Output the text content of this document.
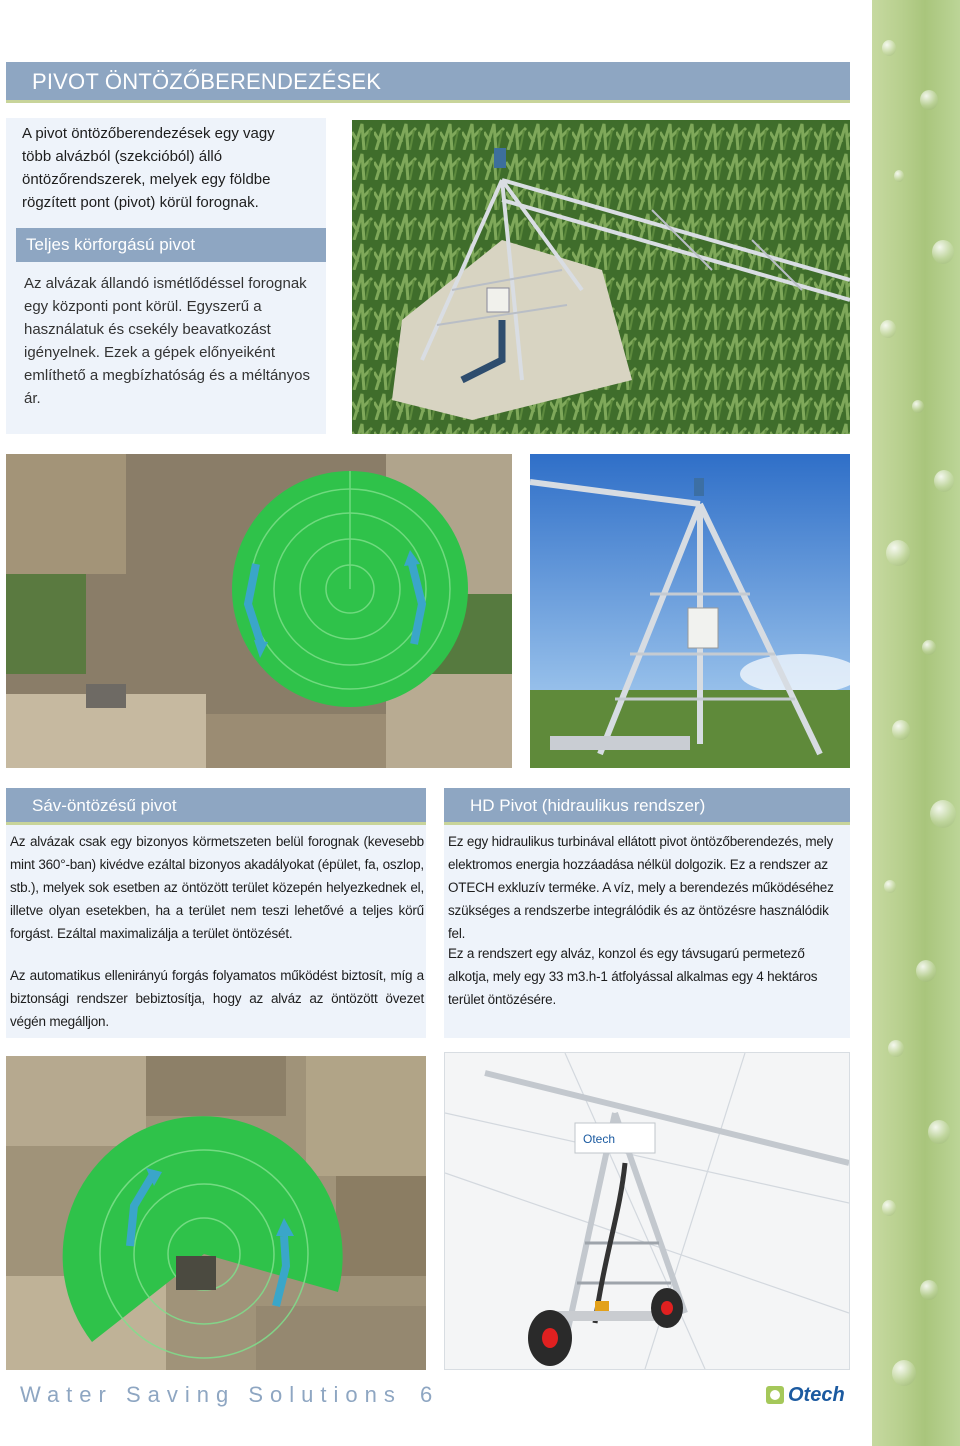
PIVOT ÖNTÖZŐBERENDEZÉSEK
A pivot öntözőberendezések egy vagy több alvázból (szekcióból) álló öntözőrendszerek, melyek egy földbe rögzített pont (pivot) körül forognak.
Teljes körforgású pivot
Az alvázak állandó ismétlődéssel forognak egy központi pont körül. Egyszerű a használatuk és csekély beavatkozást igényelnek. Ezek a gépek előnyeiként említhető a megbízhatóság és a méltányos ár.
Sáv-öntözésű pivot
Az alvázak csak egy bizonyos körmetszeten belül forognak (kevesebb mint 360°-ban) kivédve ezáltal bizonyos akadályokat (épület, fa, oszlop, stb.), melyek sok esetben az öntözött terület közepén helyezkednek el, illetve olyan esetekben, ha a terület nem teszi lehetővé a teljes körű forgást. Ezáltal maximalizálja a terület öntözését.
Az automatikus ellenirányú forgás folyamatos működést biztosít, míg a biztonsági rendszer bebiztosítja, hogy az alváz az öntözött övezet végén megálljon.
HD Pivot (hidraulikus rendszer)
Ez egy hidraulikus turbinával ellátott pivot öntözőberendezés, mely elektromos energia hozzáadása nélkül dolgozik. Ez a rendszer az OTECH exkluzív terméke. A víz, mely a berendezés működéséhez szükséges a rendszerbe integrálódik és az öntözésre használódik fel.
Ez a rendszert egy alváz, konzol és egy távsugarú permetező alkotja, mely egy 33 m3.h-1 átfolyással alkalmas egy 4 hektáros terület öntözésére.
Otech
Water Saving Solutions 6	Otech
